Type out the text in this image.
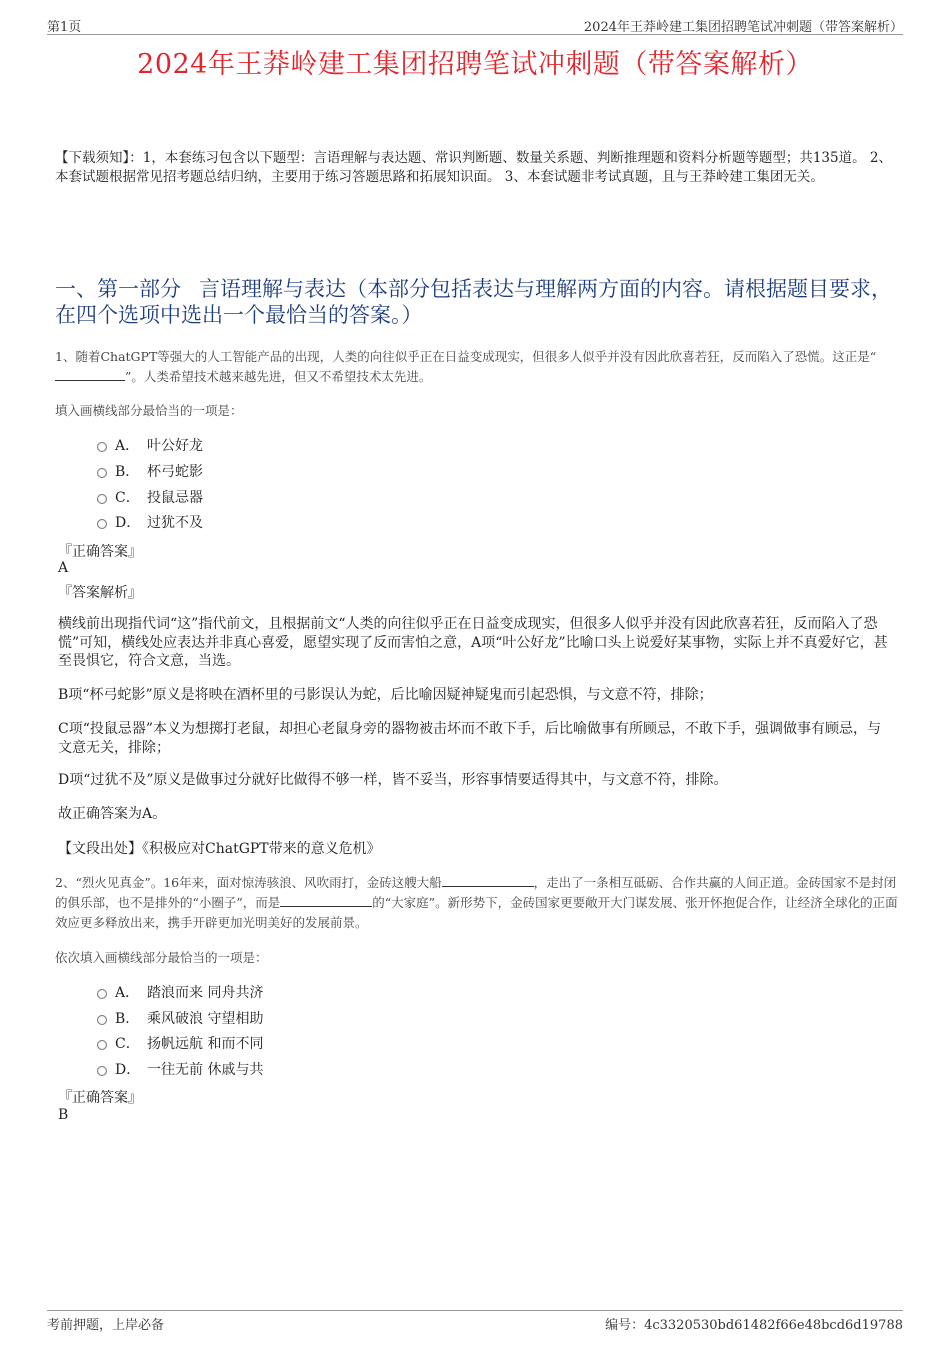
第1页	2024年王莽岭建工集团招聘笔试冲刺题（带答案解析）
2024年王莽岭建工集团招聘笔试冲刺题（带答案解析）
【下载须知】：1，本套练习包含以下题型：言语理解与表达题、常识判断题、数量关系题、判断推理题和资料分析题等题型；共135道。 2、本套试题根据常见招考题总结归纳，主要用于练习答题思路和拓展知识面。 3、本套试题非考试真题，且与王莽岭建工集团无关。
一、第一部分 言语理解与表达（本部分包括表达与理解两方面的内容。请根据题目要求，在四个选项中选出一个最恰当的答案。）
1、随着ChatGPT等强大的人工智能产品的出现，人类的向往似乎正在日益变成现实，但很多人似乎并没有因此欣喜若狂，反而陷入了恐慌。这正是“”。人类希望技术越来越先进，但又不希望技术太先进。
填入画横线部分最恰当的一项是：
A． 叶公好龙
B． 杯弓蛇影
C． 投鼠忌器
D． 过犹不及
『正确答案』
A
『答案解析』
横线前出现指代词“这”指代前文，且根据前文“人类的向往似乎正在日益变成现实，但很多人似乎并没有因此欣喜若狂，反而陷入了恐慌”可知，横线处应表达并非真心喜爱，愿望实现了反而害怕之意，A项“叶公好龙”比喻口头上说爱好某事物，实际上并不真爱好它，甚至畏惧它，符合文意，当选。
B项“杯弓蛇影”原义是将映在酒杯里的弓影误认为蛇，后比喻因疑神疑鬼而引起恐惧，与文意不符，排除；
C项“投鼠忌器”本义为想掷打老鼠，却担心老鼠身旁的器物被击坏而不敢下手，后比喻做事有所顾忌，不敢下手，强调做事有顾忌，与文意无关，排除；
D项“过犹不及”原义是做事过分就好比做得不够一样，皆不妥当，形容事情要适得其中，与文意不符，排除。
故正确答案为A。
【文段出处】《积极应对ChatGPT带来的意义危机》
2、“烈火见真金”。16年来，面对惊涛骇浪、风吹雨打，金砖这艘大船	，走出了一条相互砥砺、合作共赢的人间正道。金砖国家不是封闭的俱乐部，也不是排外的“小圈子”，而是	的“大家庭”。新形势下，金砖国家更要敞开大门谋发展、张开怀抱促合作，让经济全球化的正面效应更多释放出来，携手开辟更加光明美好的发展前景。
依次填入画横线部分最恰当的一项是：
A． 踏浪而来 同舟共济
B． 乘风破浪 守望相助
C． 扬帆远航 和而不同
D． 一往无前 休戚与共
『正确答案』
B
考前押题，上岸必备	编号：4c3320530bd61482f66e48bcd6d19788
